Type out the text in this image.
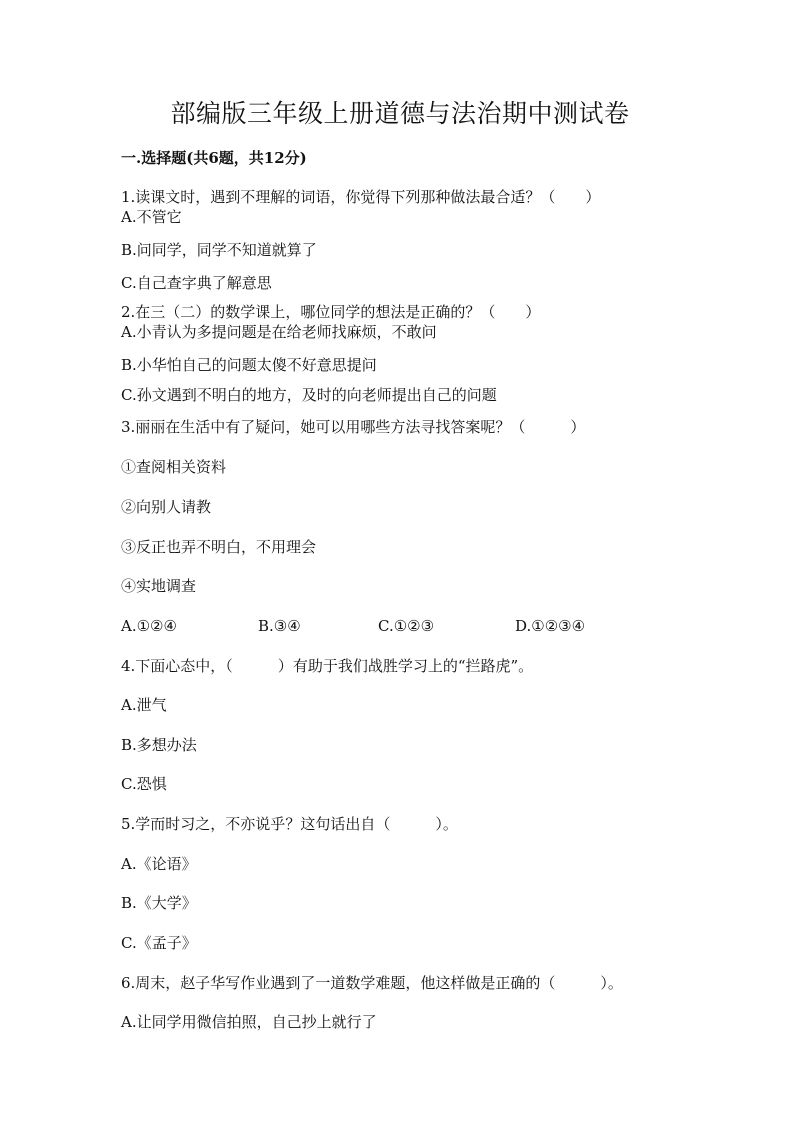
部编版三年级上册道德与法治期中测试卷

一.选择题(共6题，共12分)

1.读课文时，遇到不理解的词语，你觉得下列那种做法最合适？（　　）

A.不管它

B.问同学，同学不知道就算了

C.自己查字典了解意思

2.在三（二）的数学课上，哪位同学的想法是正确的？（　　）

A.小青认为多提问题是在给老师找麻烦，不敢问

B.小华怕自己的问题太傻不好意思提问

C.孙文遇到不明白的地方，及时的向老师提出自己的问题

3.丽丽在生活中有了疑问，她可以用哪些方法寻找答案呢？（　　　）

①查阅相关资料

②向别人请教

③反正也弄不明白，不用理会

④实地调查

A.①②④	B.③④	C.①②③	D.①②③④

4.下面心态中，（　　　）有助于我们战胜学习上的“拦路虎”。

A.泄气

B.多想办法

C.恐惧

5.学而时习之，不亦说乎？这句话出自（　　　）。

A.《论语》

B.《大学》

C.《孟子》

6.周末，赵子华写作业遇到了一道数学难题，他这样做是正确的（　　　）。

A.让同学用微信拍照，自己抄上就行了
